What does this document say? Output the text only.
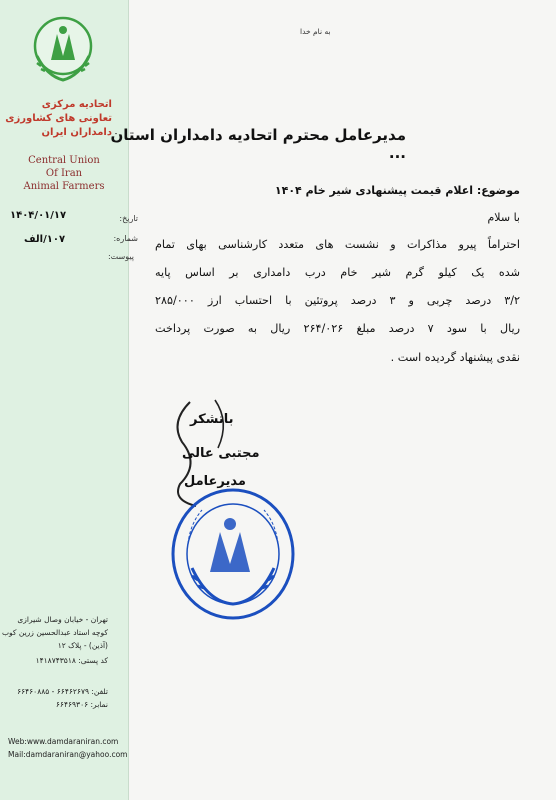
اتحادیه مرکزی
تعاونی های کشاورزی
دامداران ایران
Central Union
Of Iran
Animal Farmers
۱۴۰۴/۰۱/۱۷	تاریخ:
۱۰۷/الف	شماره:
پیوست:
تهران - خیابان وصال شیرازی
کوچه استاد عبدالحسین زرین کوب
(آذین) - پلاک ۱۲
کد پستی: ۱۴۱۸۷۴۳۵۱۸
تلفن: ۶۶۴۶۲۶۷۹ - ۶۶۴۶۰۸۸۵
نمابر: ۶۶۴۶۹۳۰۶
Web:www.damdaraniran.com
Mail:damdaraniran@yahoo.com
به نام خدا
مدیرعامل محترم اتحادیه دامداران استان ...
موضوع: اعلام قیمت پیشنهادی شیر خام ۱۴۰۴
با سلام
احتراماً پیرو مذاکرات و نشست های متعدد کارشناسی بهای تمام
شده یک کیلو گرم شیر خام درب دامداری بر اساس پایه
۳/۲ درصد چربی و ۳ درصد پروتئین با احتساب ارز ۲۸۵/۰۰۰
ریال با سود ۷ درصد مبلغ ۲۶۴/۰۲۶ ریال به صورت پرداخت
نقدی پیشنهاد گردیده است .
باتشکر
مجتبی عالی
مدیرعامل
